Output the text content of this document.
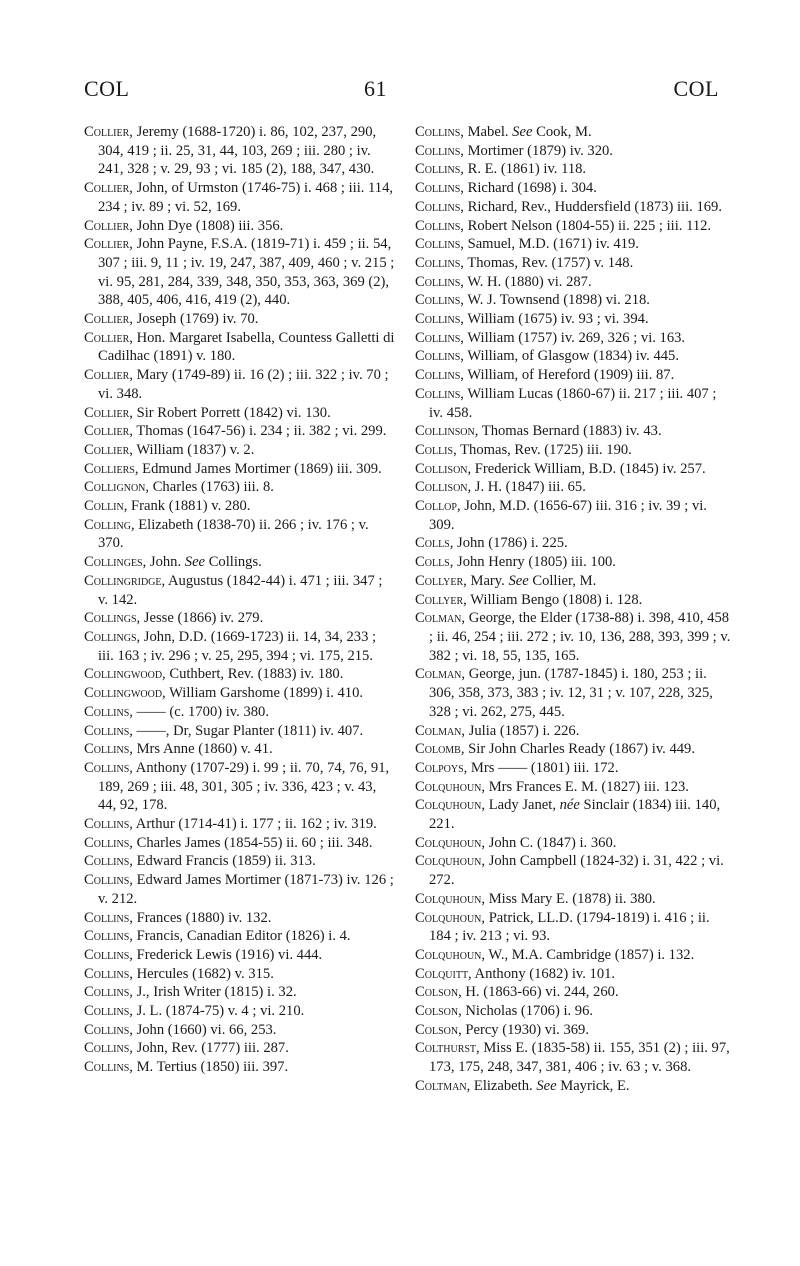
COL	61	COL

Collier, Jeremy (1688-1720) i. 86, 102, 237, 290, 304, 419 ; ii. 25, 31, 44, 103, 269 ; iii. 280 ; iv. 241, 328 ; v. 29, 93 ; vi. 185 (2), 188, 347, 430.

Collier, John, of Urmston (1746-75) i. 468 ; iii. 114, 234 ; iv. 89 ; vi. 52, 169.

Collier, John Dye (1808) iii. 356.

Collier, John Payne, F.S.A. (1819-71) i. 459 ; ii. 54, 307 ; iii. 9, 11 ; iv. 19, 247, 387, 409, 460 ; v. 215 ; vi. 95, 281, 284, 339, 348, 350, 353, 363, 369 (2), 388, 405, 406, 416, 419 (2), 440.

Collier, Joseph (1769) iv. 70.

Collier, Hon. Margaret Isabella, Countess Galletti di Cadilhac (1891) v. 180.

Collier, Mary (1749-89) ii. 16 (2) ; iii. 322 ; iv. 70 ; vi. 348.

Collier, Sir Robert Porrett (1842) vi. 130.

Collier, Thomas (1647-56) i. 234 ; ii. 382 ; vi. 299.

Collier, William (1837) v. 2.

Colliers, Edmund James Mortimer (1869) iii. 309.

Collignon, Charles (1763) iii. 8.

Collin, Frank (1881) v. 280.

Colling, Elizabeth (1838-70) ii. 266 ; iv. 176 ; v. 370.

Collinges, John. See Collings.

Collingridge, Augustus (1842-44) i. 471 ; iii. 347 ; v. 142.

Collings, Jesse (1866) iv. 279.

Collings, John, D.D. (1669-1723) ii. 14, 34, 233 ; iii. 163 ; iv. 296 ; v. 25, 295, 394 ; vi. 175, 215.

Collingwood, Cuthbert, Rev. (1883) iv. 180.

Collingwood, William Garshome (1899) i. 410.

Collins, —— (c. 1700) iv. 380.

Collins, ——, Dr, Sugar Planter (1811) iv. 407.

Collins, Mrs Anne (1860) v. 41.

Collins, Anthony (1707-29) i. 99 ; ii. 70, 74, 76, 91, 189, 269 ; iii. 48, 301, 305 ; iv. 336, 423 ; v. 43, 44, 92, 178.

Collins, Arthur (1714-41) i. 177 ; ii. 162 ; iv. 319.

Collins, Charles James (1854-55) ii. 60 ; iii. 348.

Collins, Edward Francis (1859) ii. 313.

Collins, Edward James Mortimer (1871-73) iv. 126 ; v. 212.

Collins, Frances (1880) iv. 132.

Collins, Francis, Canadian Editor (1826) i. 4.

Collins, Frederick Lewis (1916) vi. 444.

Collins, Hercules (1682) v. 315.

Collins, J., Irish Writer (1815) i. 32.

Collins, J. L. (1874-75) v. 4 ; vi. 210.

Collins, John (1660) vi. 66, 253.

Collins, John, Rev. (1777) iii. 287.

Collins, M. Tertius (1850) iii. 397.

Collins, Mabel. See Cook, M.

Collins, Mortimer (1879) iv. 320.

Collins, R. E. (1861) iv. 118.

Collins, Richard (1698) i. 304.

Collins, Richard, Rev., Huddersfield (1873) iii. 169.

Collins, Robert Nelson (1804-55) ii. 225 ; iii. 112.

Collins, Samuel, M.D. (1671) iv. 419.

Collins, Thomas, Rev. (1757) v. 148.

Collins, W. H. (1880) vi. 287.

Collins, W. J. Townsend (1898) vi. 218.

Collins, William (1675) iv. 93 ; vi. 394.

Collins, William (1757) iv. 269, 326 ; vi. 163.

Collins, William, of Glasgow (1834) iv. 445.

Collins, William, of Hereford (1909) iii. 87.

Collins, William Lucas (1860-67) ii. 217 ; iii. 407 ; iv. 458.

Collinson, Thomas Bernard (1883) iv. 43.

Collis, Thomas, Rev. (1725) iii. 190.

Collison, Frederick William, B.D. (1845) iv. 257.

Collison, J. H. (1847) iii. 65.

Collop, John, M.D. (1656-67) iii. 316 ; iv. 39 ; vi. 309.

Colls, John (1786) i. 225.

Colls, John Henry (1805) iii. 100.

Collyer, Mary. See Collier, M.

Collyer, William Bengo (1808) i. 128.

Colman, George, the Elder (1738-88) i. 398, 410, 458 ; ii. 46, 254 ; iii. 272 ; iv. 10, 136, 288, 393, 399 ; v. 382 ; vi. 18, 55, 135, 165.

Colman, George, jun. (1787-1845) i. 180, 253 ; ii. 306, 358, 373, 383 ; iv. 12, 31 ; v. 107, 228, 325, 328 ; vi. 262, 275, 445.

Colman, Julia (1857) i. 226.

Colomb, Sir John Charles Ready (1867) iv. 449.

Colpoys, Mrs —— (1801) iii. 172.

Colquhoun, Mrs Frances E. M. (1827) iii. 123.

Colquhoun, Lady Janet, née Sinclair (1834) iii. 140, 221.

Colquhoun, John C. (1847) i. 360.

Colquhoun, John Campbell (1824-32) i. 31, 422 ; vi. 272.

Colquhoun, Miss Mary E. (1878) ii. 380.

Colquhoun, Patrick, LL.D. (1794-1819) i. 416 ; ii. 184 ; iv. 213 ; vi. 93.

Colquhoun, W., M.A. Cambridge (1857) i. 132.

Colquitt, Anthony (1682) iv. 101.

Colson, H. (1863-66) vi. 244, 260.

Colson, Nicholas (1706) i. 96.

Colson, Percy (1930) vi. 369.

Colthurst, Miss E. (1835-58) ii. 155, 351 (2) ; iii. 97, 173, 175, 248, 347, 381, 406 ; iv. 63 ; v. 368.

Coltman, Elizabeth. See Mayrick, E.
